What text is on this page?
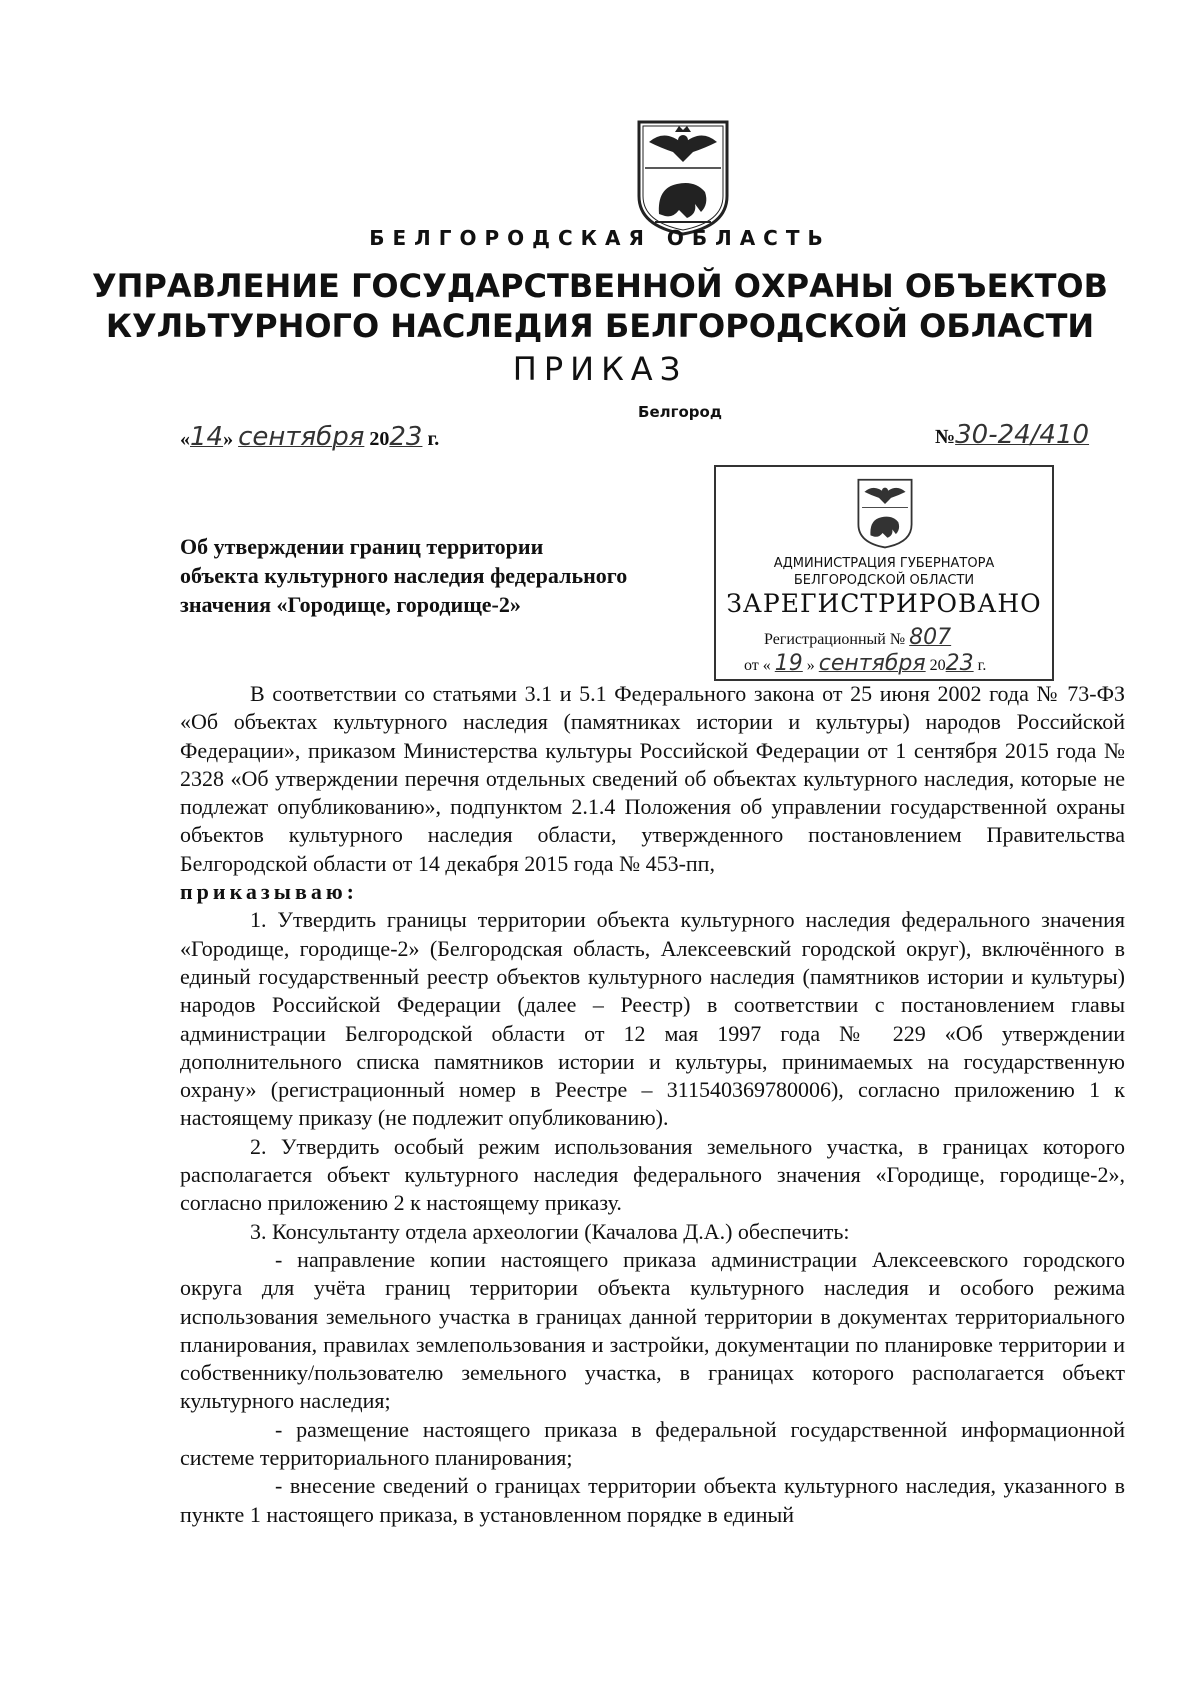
БЕЛГОРОДСКАЯ ОБЛАСТЬ
УПРАВЛЕНИЕ ГОСУДАРСТВЕННОЙ ОХРАНЫ ОБЪЕКТОВ
КУЛЬТУРНОГО НАСЛЕДИЯ БЕЛГОРОДСКОЙ ОБЛАСТИ
ПРИКАЗ
Белгород
«14» сентября 2023 г.	№30-24/410
АДМИНИСТРАЦИЯ ГУБЕРНАТОРА
БЕЛГОРОДСКОЙ ОБЛАСТИ
ЗАРЕГИСТРИРОВАНО
Регистрационный № 807
от « 19 » сентября 2023 г.
Об утверждении границ территории
объекта культурного наследия федерального
значения «Городище, городище-2»

В соответствии со статьями 3.1 и 5.1 Федерального закона от 25 июня 2002 года № 73-ФЗ «Об объектах культурного наследия (памятниках истории и культуры) народов Российской Федерации», приказом Министерства культуры Российской Федерации от 1 сентября 2015 года № 2328 «Об утверждении перечня отдельных сведений об объектах культурного наследия, которые не подлежат опубликованию», подпунктом 2.1.4 Положения об управлении государственной охраны объектов культурного наследия области, утвержденного постановлением Правительства Белгородской области от 14 декабря 2015 года № 453-пп,

приказываю:

1. Утвердить границы территории объекта культурного наследия федерального значения «Городище, городище-2» (Белгородская область, Алексеевский городской округ), включённого в единый государственный реестр объектов культурного наследия (памятников истории и культуры) народов Российской Федерации (далее – Реестр) в соответствии с постановлением главы администрации Белгородской области от 12 мая 1997 года № 229 «Об утверждении дополнительного списка памятников истории и культуры, принимаемых на государственную охрану» (регистрационный номер в Реестре – 311540369780006), согласно приложению 1 к настоящему приказу (не подлежит опубликованию).

2. Утвердить особый режим использования земельного участка, в границах которого располагается объект культурного наследия федерального значения «Городище, городище-2», согласно приложению 2 к настоящему приказу.

3. Консультанту отдела археологии (Качалова Д.А.) обеспечить:

- направление копии настоящего приказа администрации Алексеевского городского округа для учёта границ территории объекта культурного наследия и особого режима использования земельного участка в границах данной территории в документах территориального планирования, правилах землепользования и застройки, документации по планировке территории и собственнику/пользователю земельного участка, в границах которого располагается объект культурного наследия;

- размещение настоящего приказа в федеральной государственной информационной системе территориального планирования;

- внесение сведений о границах территории объекта культурного наследия, указанного в пункте 1 настоящего приказа, в установленном порядке в единый
